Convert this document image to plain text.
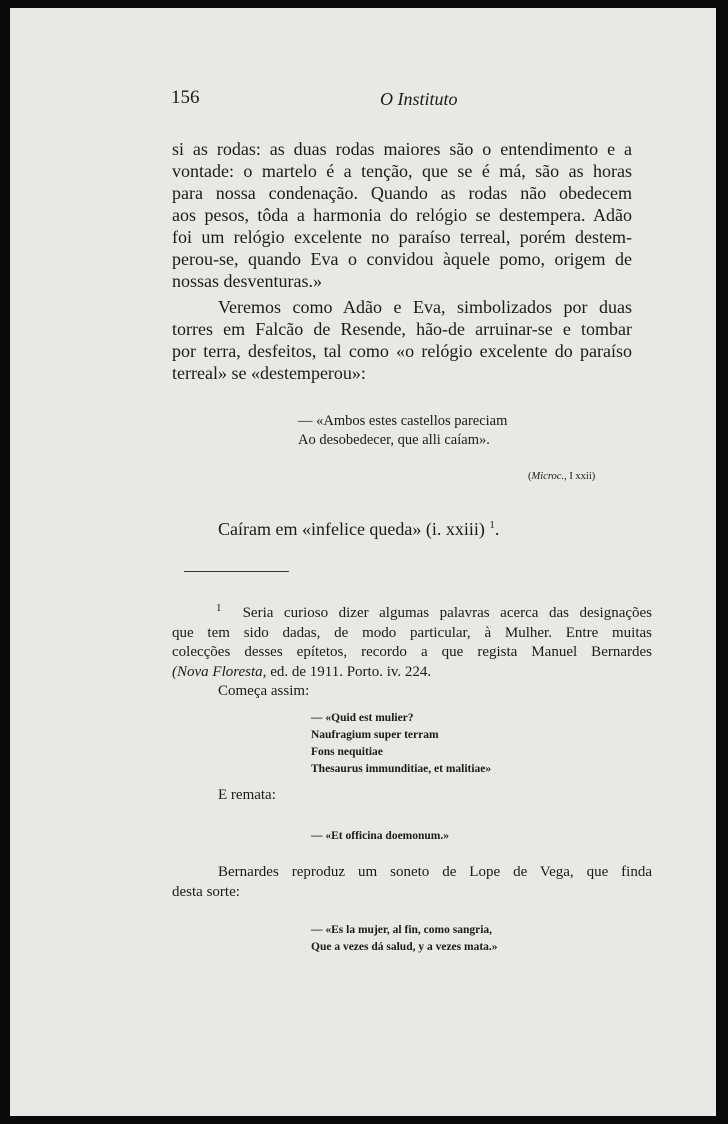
156	O Instituto

si as rodas: as duas rodas maiores são o entendimento e a
vontade: o martelo é a tenção, que se é má, são as horas
para nossa condenação. Quando as rodas não obedecem
aos pesos, tôda a harmonia do relógio se destempera. Adão
foi um relógio excelente no paraíso terreal, porém destem-
perou-se, quando Eva o convidou àquele pomo, origem de
nossas desventuras.»

Veremos como Adão e Eva, simbolizados por duas
torres em Falcão de Resende, hão-de arruinar-se e tombar
por terra, desfeitos, tal como «o relógio excelente do paraíso
terreal» se «destemperou»:

— «Ambos estes castellos pareciam
Ao desobedecer, que alli caíam».

(Microc., I xxii)
Caíram em «infelice queda» (i. xxiii) $^1$.

$^1$ Seria curioso dizer algumas palavras acerca das designações
que tem sido dadas, de modo particular, à Mulher. Entre muitas
colecções desses epítetos, recordo a que regista Manuel Bernardes
(Nova Floresta, ed. de 1911. Porto. iv. 224.
Começa assim:

— «Quid est mulier?
Naufragium super terram
Fons nequitiae
Thesaurus immunditiae, et malitiae»

E remata:

— «Et officina doemonum.»

Bernardes reproduz um soneto de Lope de Vega, que finda
desta sorte:

— «Es la mujer, al fin, como sangria,
Que a vezes dá salud, y a vezes mata.»
